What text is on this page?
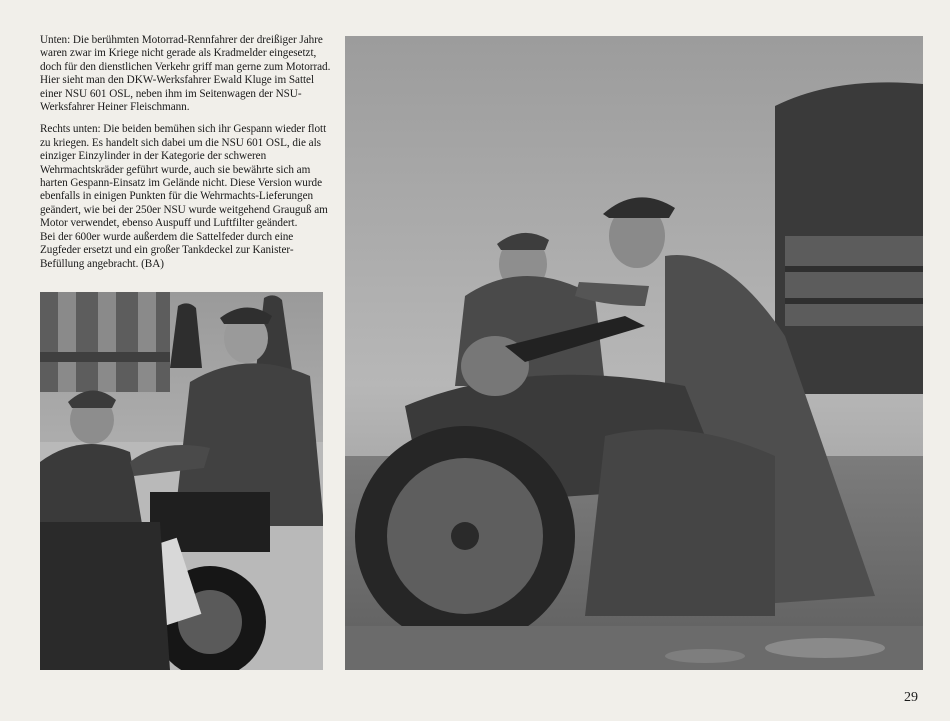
Unten: Die berühmten Motorrad-Rennfahrer der dreißiger Jahre waren zwar im Kriege nicht gerade als Kradmelder eingesetzt, doch für den dienstlichen Verkehr griff man gerne zum Motorrad. Hier sieht man den DKW-Werksfahrer Ewald Kluge im Sattel einer NSU 601 OSL, neben ihm im Seitenwagen der NSU-Werksfahrer Heiner Fleischmann.

Rechts unten: Die beiden bemühen sich ihr Gespann wieder flott zu kriegen. Es handelt sich dabei um die NSU 601 OSL, die als einziger Einzylinder in der Kategorie der schweren Wehrmachtskräder geführt wurde, auch sie bewährte sich am harten Gespann-Einsatz im Gelände nicht. Diese Version wurde ebenfalls in einigen Punkten für die Wehrmachts-Lieferungen geändert, wie bei der 250er NSU wurde weitgehend Grauguß am Motor verwendet, ebenso Auspuff und Luftfilter geändert.

Bei der 600er wurde außerdem die Sattelfeder durch eine Zugfeder ersetzt und ein großer Tankdeckel zur Kanister-Befüllung angebracht. (BA)

29
